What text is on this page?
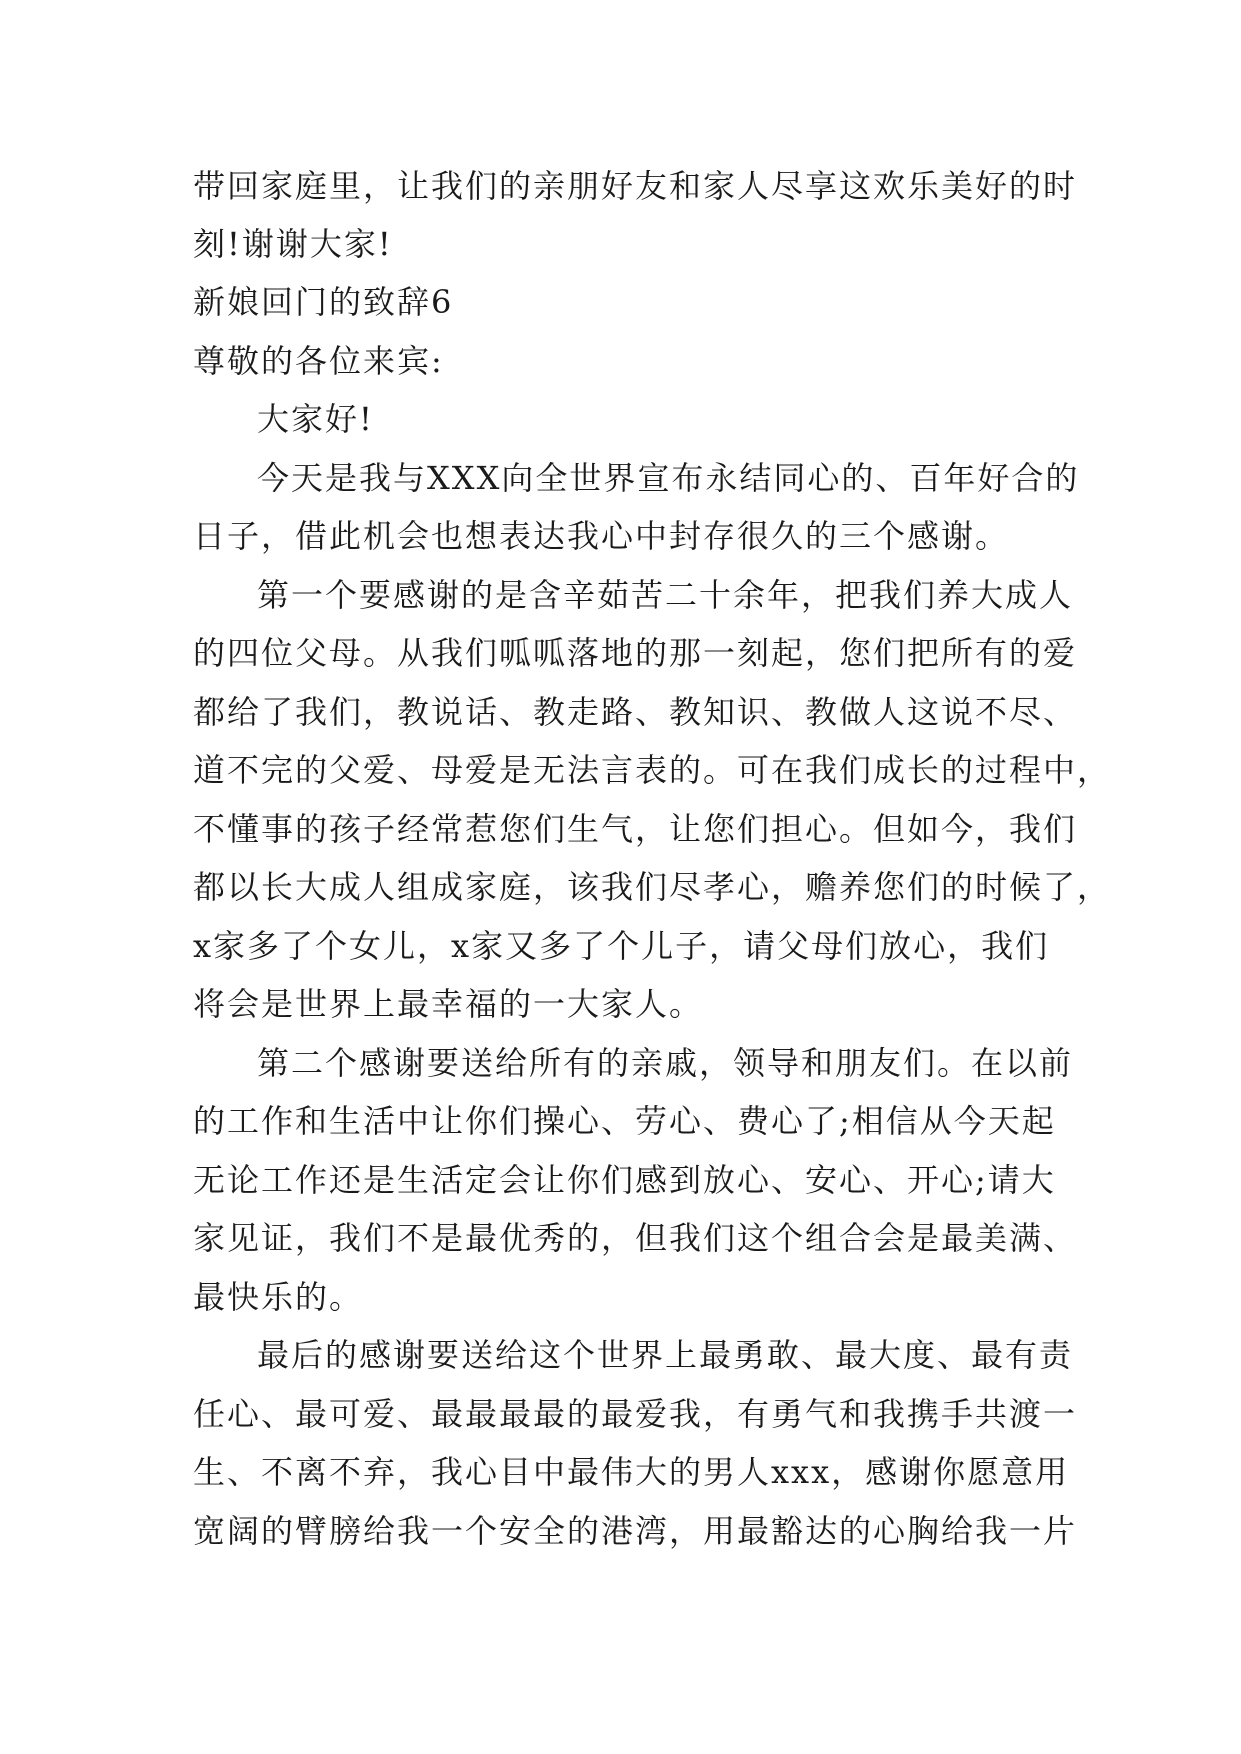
带回家庭里，让我们的亲朋好友和家人尽享这欢乐美好的时
刻!谢谢大家!
新娘回门的致辞6
尊敬的各位来宾:
大家好!
今天是我与XXX向全世界宣布永结同心的、百年好合的
日子，借此机会也想表达我心中封存很久的三个感谢。
第一个要感谢的是含辛茹苦二十余年，把我们养大成人
的四位父母。从我们呱呱落地的那一刻起，您们把所有的爱
都给了我们，教说话、教走路、教知识、教做人这说不尽、
道不完的父爱、母爱是无法言表的。可在我们成长的过程中，
不懂事的孩子经常惹您们生气，让您们担心。但如今，我们
都以长大成人组成家庭，该我们尽孝心，赡养您们的时候了，
x家多了个女儿，x家又多了个儿子，请父母们放心，我们
将会是世界上最幸福的一大家人。
第二个感谢要送给所有的亲戚，领导和朋友们。在以前
的工作和生活中让你们操心、劳心、费心了;相信从今天起
无论工作还是生活定会让你们感到放心、安心、开心;请大
家见证，我们不是最优秀的，但我们这个组合会是最美满、
最快乐的。
最后的感谢要送给这个世界上最勇敢、最大度、最有责
任心、最可爱、最最最最的最爱我，有勇气和我携手共渡一
生、不离不弃，我心目中最伟大的男人xxx，感谢你愿意用
宽阔的臂膀给我一个安全的港湾，用最豁达的心胸给我一片
